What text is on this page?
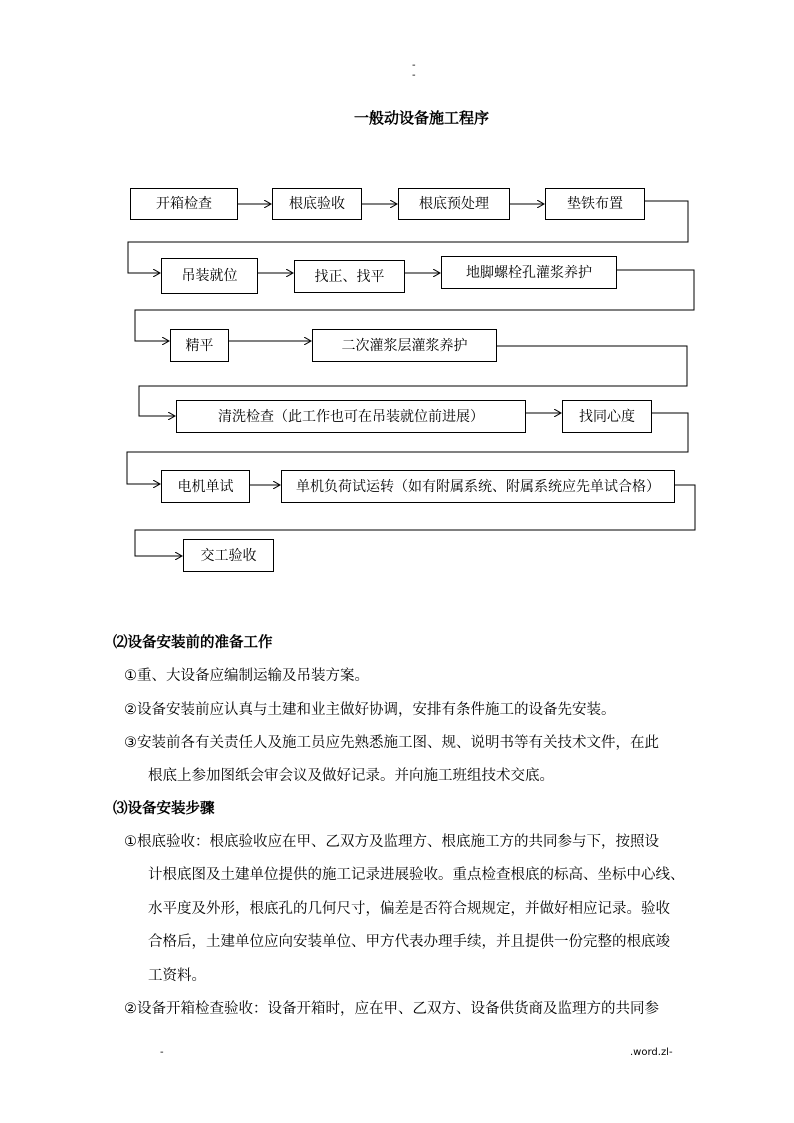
-
-
一般动设备施工程序
开箱检查	根底验收	根底预处理	垫铁布置
吊装就位	找正、找平	地脚螺栓孔灌浆养护
精平	二次灌浆层灌浆养护
清洗检查（此工作也可在吊装就位前进展）	找同心度
电机单试	单机负荷试运转（如有附属系统、附属系统应先单试合格）
交工验收
⑵设备安装前的准备工作
①重、大设备应编制运输及吊装方案。
②设备安装前应认真与土建和业主做好协调，安排有条件施工的设备先安装。
③安装前各有关责任人及施工员应先熟悉施工图、规、说明书等有关技术文件，在此
根底上参加图纸会审会议及做好记录。并向施工班组技术交底。
⑶设备安装步骤
①根底验收：根底验收应在甲、乙双方及监理方、根底施工方的共同参与下，按照设
计根底图及土建单位提供的施工记录进展验收。重点检查根底的标高、坐标中心线、
水平度及外形，根底孔的几何尺寸，偏差是否符合规规定，并做好相应记录。验收
合格后，土建单位应向安装单位、甲方代表办理手续，并且提供一份完整的根底竣
工资料。
②设备开箱检查验收：设备开箱时，应在甲、乙双方、设备供货商及监理方的共同参
-	.word.zl-
